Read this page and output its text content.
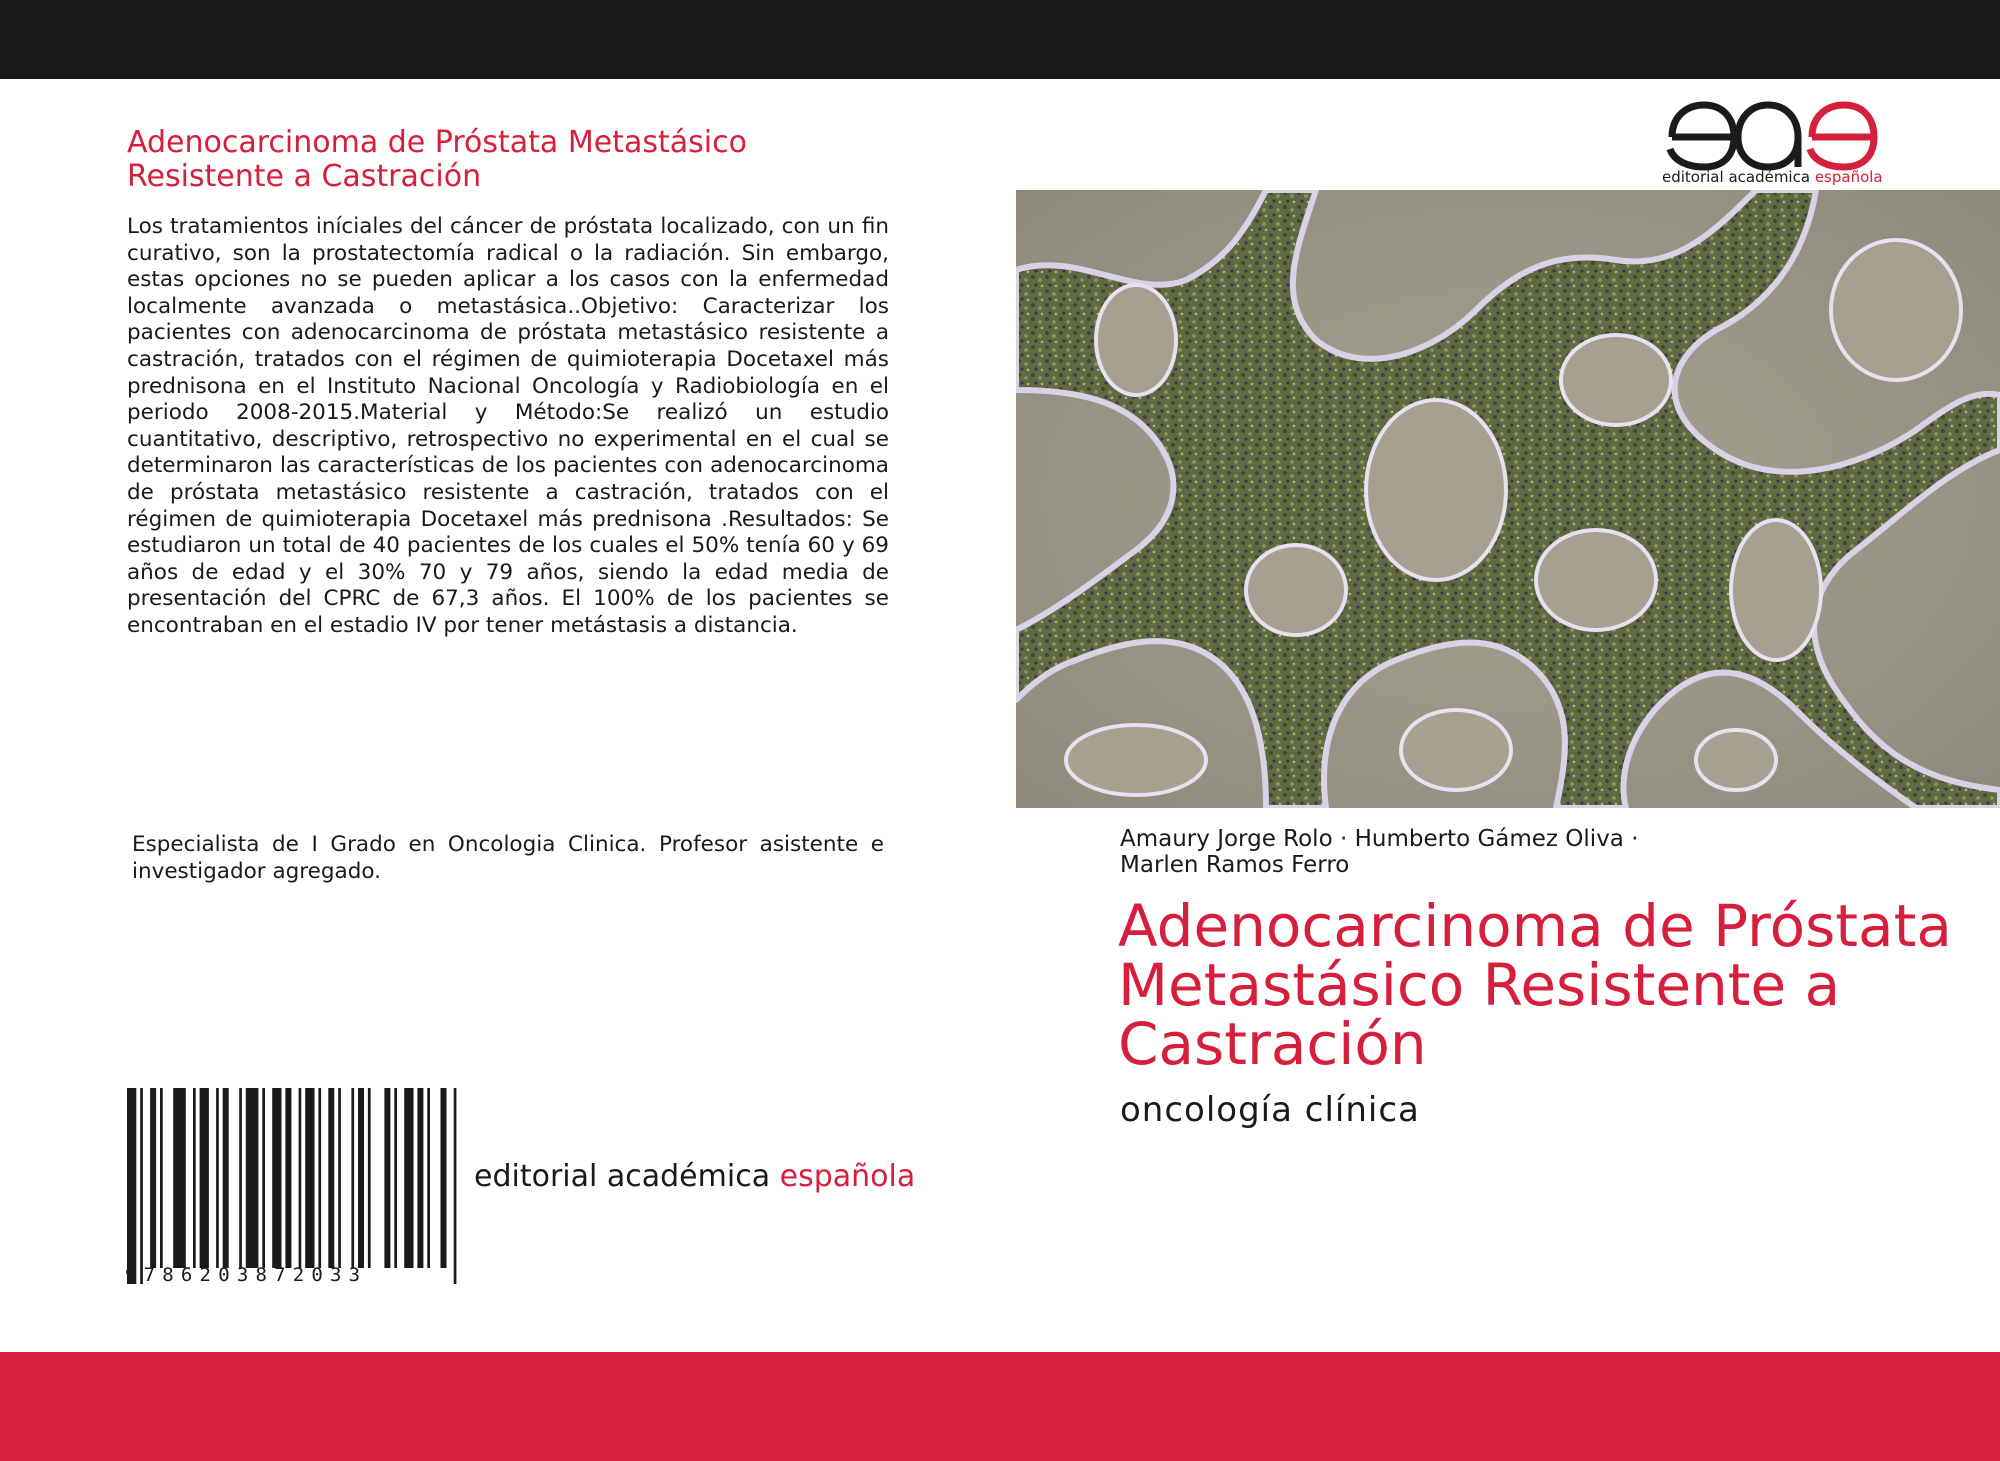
Adenocarcinoma de Próstata Metastásico Resistente a Castración

Los tratamientos iníciales del cáncer de próstata localizado, con un fin curativo, son la prostatectomía radical o la radiación. Sin embargo, estas opciones no se pueden aplicar a los casos con la enfermedad localmente avanzada o metastásica..Objetivo: Caracterizar los pacientes con adenocarcinoma de próstata metastásico resistente a castración, tratados con el régimen de quimioterapia Docetaxel más prednisona en el Instituto Nacional Oncología y Radiobiología en el periodo 2008-2015.Material y Método:Se realizó un estudio cuantitativo, descriptivo, retrospectivo no experimental en el cual se determinaron las características de los pacientes con adenocarcinoma de próstata metastásico resistente a castración, tratados con el régimen de quimioterapia Docetaxel más prednisona .Resultados: Se estudiaron un total de 40 pacientes de los cuales el 50% tenía 60 y 69 años de edad y el 30% 70 y 79 años, siendo la edad media de presentación del CPRC de 67,3 años. El 100% de los pacientes se encontraban en el estadio IV por tener metástasis a distancia.

Especialista de I Grado en Oncologia Clinica. Profesor asistente e investigador agregado.

9786203872033
editorial académica española
editorial académica española
Amaury Jorge Rolo · Humberto Gámez Oliva ·
Marlen Ramos Ferro
Adenocarcinoma de Próstata Metastásico Resistente a Castración
oncología clínica
